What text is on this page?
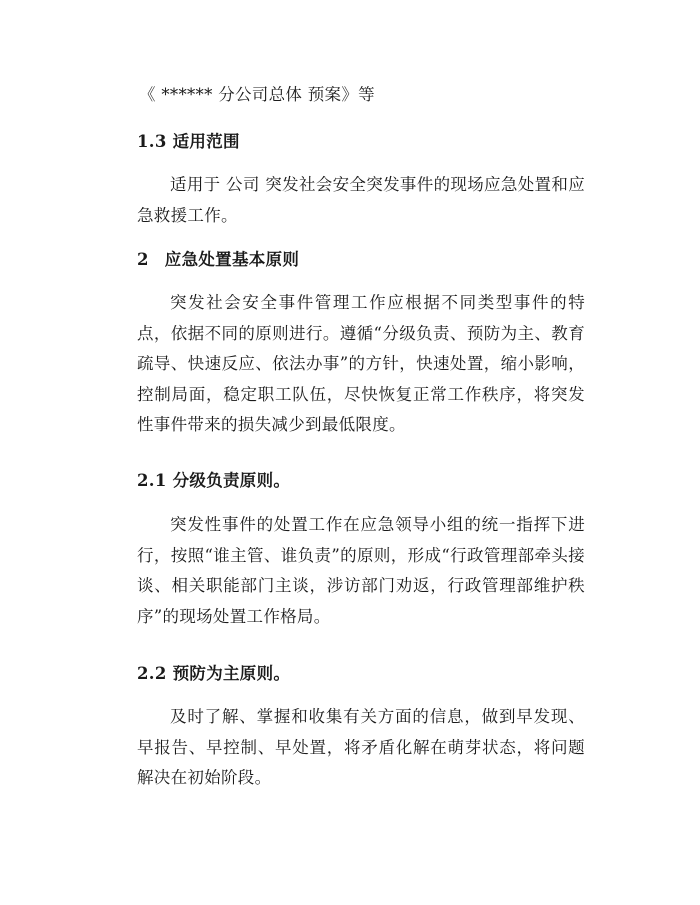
《 ****** 分公司总体 预案》等

1.3 适用范围

适用于 公司 突发社会安全突发事件的现场应急处置和应急救援工作。

2 应急处置基本原则

突发社会安全事件管理工作应根据不同类型事件的特点，依据不同的原则进行。遵循“分级负责、预防为主、教育疏导、快速反应、依法办事”的方针，快速处置，缩小影响，控制局面，稳定职工队伍，尽快恢复正常工作秩序，将突发性事件带来的损失减少到最低限度。

2.1 分级负责原则。

突发性事件的处置工作在应急领导小组的统一指挥下进行，按照“谁主管、谁负责”的原则，形成“行政管理部牵头接谈、相关职能部门主谈，涉访部门劝返，行政管理部维护秩序”的现场处置工作格局。

2.2 预防为主原则。

及时了解、掌握和收集有关方面的信息，做到早发现、早报告、早控制、早处置，将矛盾化解在萌芽状态，将问题解决在初始阶段。
